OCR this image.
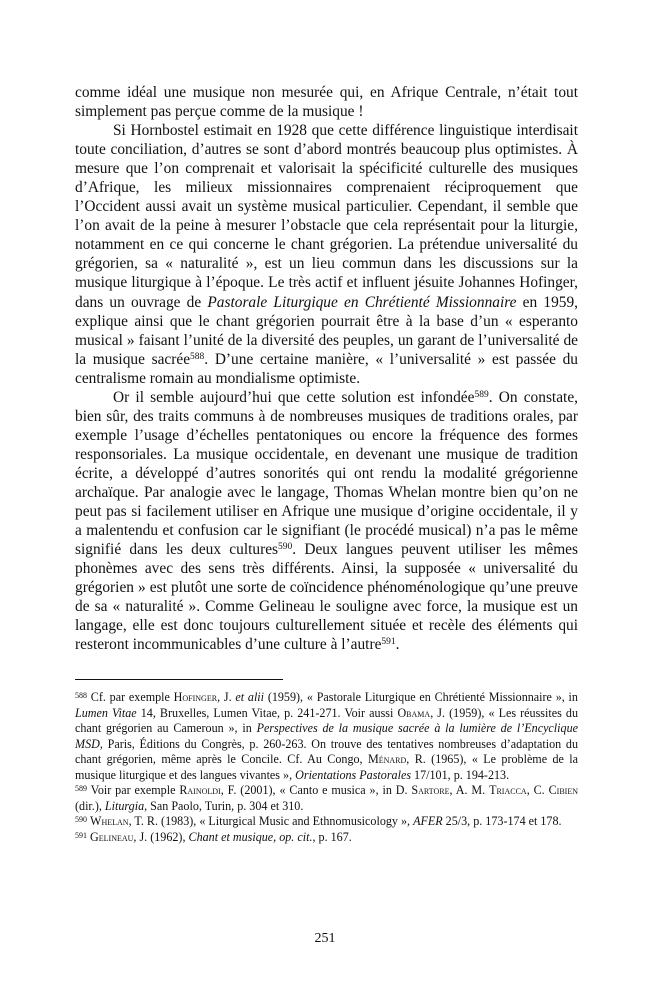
comme idéal une musique non mesurée qui, en Afrique Centrale, n’était tout simplement pas perçue comme de la musique !

Si Hornbostel estimait en 1928 que cette différence linguistique interdisait toute conciliation, d’autres se sont d’abord montrés beaucoup plus optimistes. À mesure que l’on comprenait et valorisait la spécificité culturelle des musiques d’Afrique, les milieux missionnaires comprenaient réciproquement que l’Occident aussi avait un système musical particulier. Cependant, il semble que l’on avait de la peine à mesurer l’obstacle que cela représentait pour la liturgie, notamment en ce qui concerne le chant grégorien. La prétendue universalité du grégorien, sa « naturalité », est un lieu commun dans les discussions sur la musique liturgique à l’époque. Le très actif et influent jésuite Johannes Hofinger, dans un ouvrage de Pastorale Liturgique en Chrétienté Missionnaire en 1959, explique ainsi que le chant grégorien pourrait être à la base d’un « esperanto musical » faisant l’unité de la diversité des peuples, un garant de l’universalité de la musique sacrée$^{588}$. D’une certaine manière, « l’universalité » est passée du centralisme romain au mondialisme optimiste.

Or il semble aujourd’hui que cette solution est infondée$^{589}$. On constate, bien sûr, des traits communs à de nombreuses musiques de traditions orales, par exemple l’usage d’échelles pentatoniques ou encore la fréquence des formes responsoriales. La musique occidentale, en devenant une musique de tradition écrite, a développé d’autres sonorités qui ont rendu la modalité grégorienne archaïque. Par analogie avec le langage, Thomas Whelan montre bien qu’on ne peut pas si facilement utiliser en Afrique une musique d’origine occidentale, il y a malentendu et confusion car le signifiant (le procédé musical) n’a pas le même signifié dans les deux cultures$^{590}$. Deux langues peuvent utiliser les mêmes phonèmes avec des sens très différents. Ainsi, la supposée « universalité du grégorien » est plutôt une sorte de coïncidence phénoménologique qu’une preuve de sa « naturalité ». Comme Gelineau le souligne avec force, la musique est un langage, elle est donc toujours culturellement située et recèle des éléments qui resteront incommunicables d’une culture à l’autre$^{591}$.

$^{588}$ Cf. par exemple Hofinger, J. et alii (1959), « Pastorale Liturgique en Chrétienté Missionnaire », in Lumen Vitae 14, Bruxelles, Lumen Vitae, p. 241-271. Voir aussi Obama, J. (1959), « Les réussites du chant grégorien au Cameroun », in Perspectives de la musique sacrée à la lumière de l’Encyclique MSD, Paris, Éditions du Congrès, p. 260-263. On trouve des tentatives nombreuses d’adaptation du chant grégorien, même après le Concile. Cf. Au Congo, Ménard, R. (1965), « Le problème de la musique liturgique et des langues vivantes », Orientations Pastorales 17/101, p. 194-213.

$^{589}$ Voir par exemple Rainoldi, F. (2001), « Canto e musica », in D. Sartore, A. M. Triacca, C. Cibien (dir.), Liturgia, San Paolo, Turin, p. 304 et 310.

$^{590}$ Whelan, T. R. (1983), « Liturgical Music and Ethnomusicology », AFER 25/3, p. 173-174 et 178.

$^{591}$ Gelineau, J. (1962), Chant et musique, op. cit., p. 167.

251
